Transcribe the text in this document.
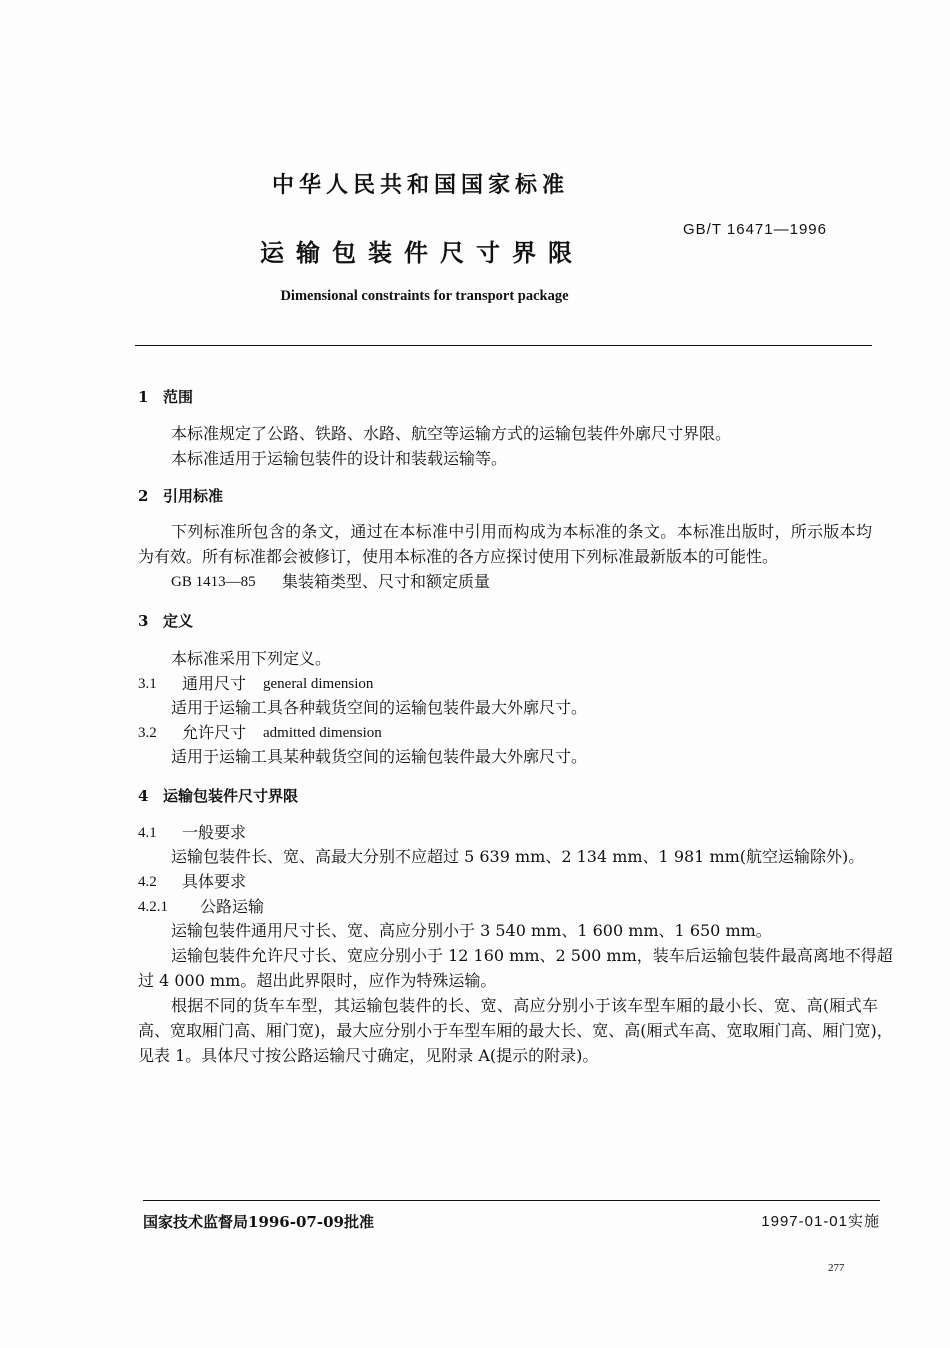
中华人民共和国国家标准
GB/T 16471—1996
运输包装件尺寸界限
Dimensional constraints for transport package
1 范围
本标准规定了公路、铁路、水路、航空等运输方式的运输包装件外廓尺寸界限。
本标准适用于运输包装件的设计和装载运输等。
2 引用标准
下列标准所包含的条文，通过在本标准中引用而构成为本标准的条文。本标准出版时，所示版本均
为有效。所有标准都会被修订，使用本标准的各方应探讨使用下列标准最新版本的可能性。
GB 1413—85 集装箱类型、尺寸和额定质量
3 定义
本标准采用下列定义。
3.1 通用尺寸 general dimension
适用于运输工具各种载货空间的运输包装件最大外廓尺寸。
3.2 允许尺寸 admitted dimension
适用于运输工具某种载货空间的运输包装件最大外廓尺寸。
4 运输包装件尺寸界限
4.1 一般要求
运输包装件长、宽、高最大分别不应超过 5 639 mm、2 134 mm、1 981 mm(航空运输除外)。
4.2 具体要求
4.2.1 公路运输
运输包装件通用尺寸长、宽、高应分别小于 3 540 mm、1 600 mm、1 650 mm。
运输包装件允许尺寸长、宽应分别小于 12 160 mm、2 500 mm，装车后运输包装件最高离地不得超
过 4 000 mm。超出此界限时，应作为特殊运输。
根据不同的货车车型，其运输包装件的长、宽、高应分别小于该车型车厢的最小长、宽、高(厢式车
高、宽取厢门高、厢门宽)，最大应分别小于车型车厢的最大长、宽、高(厢式车高、宽取厢门高、厢门宽)，
见表 1。具体尺寸按公路运输尺寸确定，见附录 A(提示的附录)。
国家技术监督局1996-07-09批准	1997-01-01实施
277
